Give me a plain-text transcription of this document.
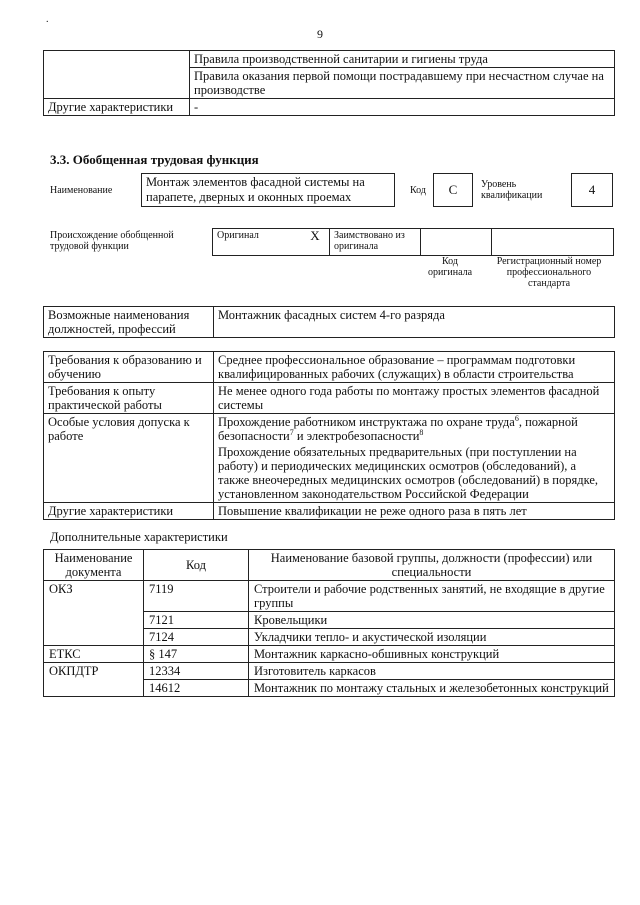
.
9
	Правила производственной санитарии и гигиены труда
	Правила оказания первой помощи пострадавшему при несчастном случае на производстве
Другие характеристики	-
3.3. Обобщенная трудовая функция
Наименование
Монтаж элементов фасадной системы на парапете, дверных и оконных проемах	Код	C	Уровень квалификации	4
Происхождение обобщенной трудовой функции
Оригинал	X	Заимствовано из оригинала		
Код оригинала
Регистрационный номер профессионального стандарта
Возможные наименования должностей, профессий	Монтажник фасадных систем 4-го разряда
Требования к образованию и обучению	Среднее профессиональное образование – программам подготовки квалифицированных рабочих (служащих) в области строительства
Требования к опыту практической работы	Не менее одного года работы по монтажу простых элементов фасадной системы
Особые условия допуска к работе	Прохождение работником инструктажа по охране труда$^6$, пожарной безопасности$^7$ и электробезопасности$^8$
Прохождение обязательных предварительных (при поступлении на работу) и периодических медицинских осмотров (обследований), а также внеочередных медицинских осмотров (обследований) в порядке, установленном законодательством Российской Федерации

Другие характеристики	Повышение квалификации не реже одного раза в пять лет
Дополнительные характеристики
Наименование документа	Код	Наименование базовой группы, должности (профессии) или специальности
ОКЗ	7119	Строители и рабочие родственных занятий, не входящие в другие группы
	7121	Кровельщики
	7124	Укладчики тепло- и акустической изоляции
ЕТКС	§ 147	Монтажник каркасно-обшивных конструкций
ОКПДТР	12334	Изготовитель каркасов
	14612	Монтажник по монтажу стальных и железобетонных конструкций
